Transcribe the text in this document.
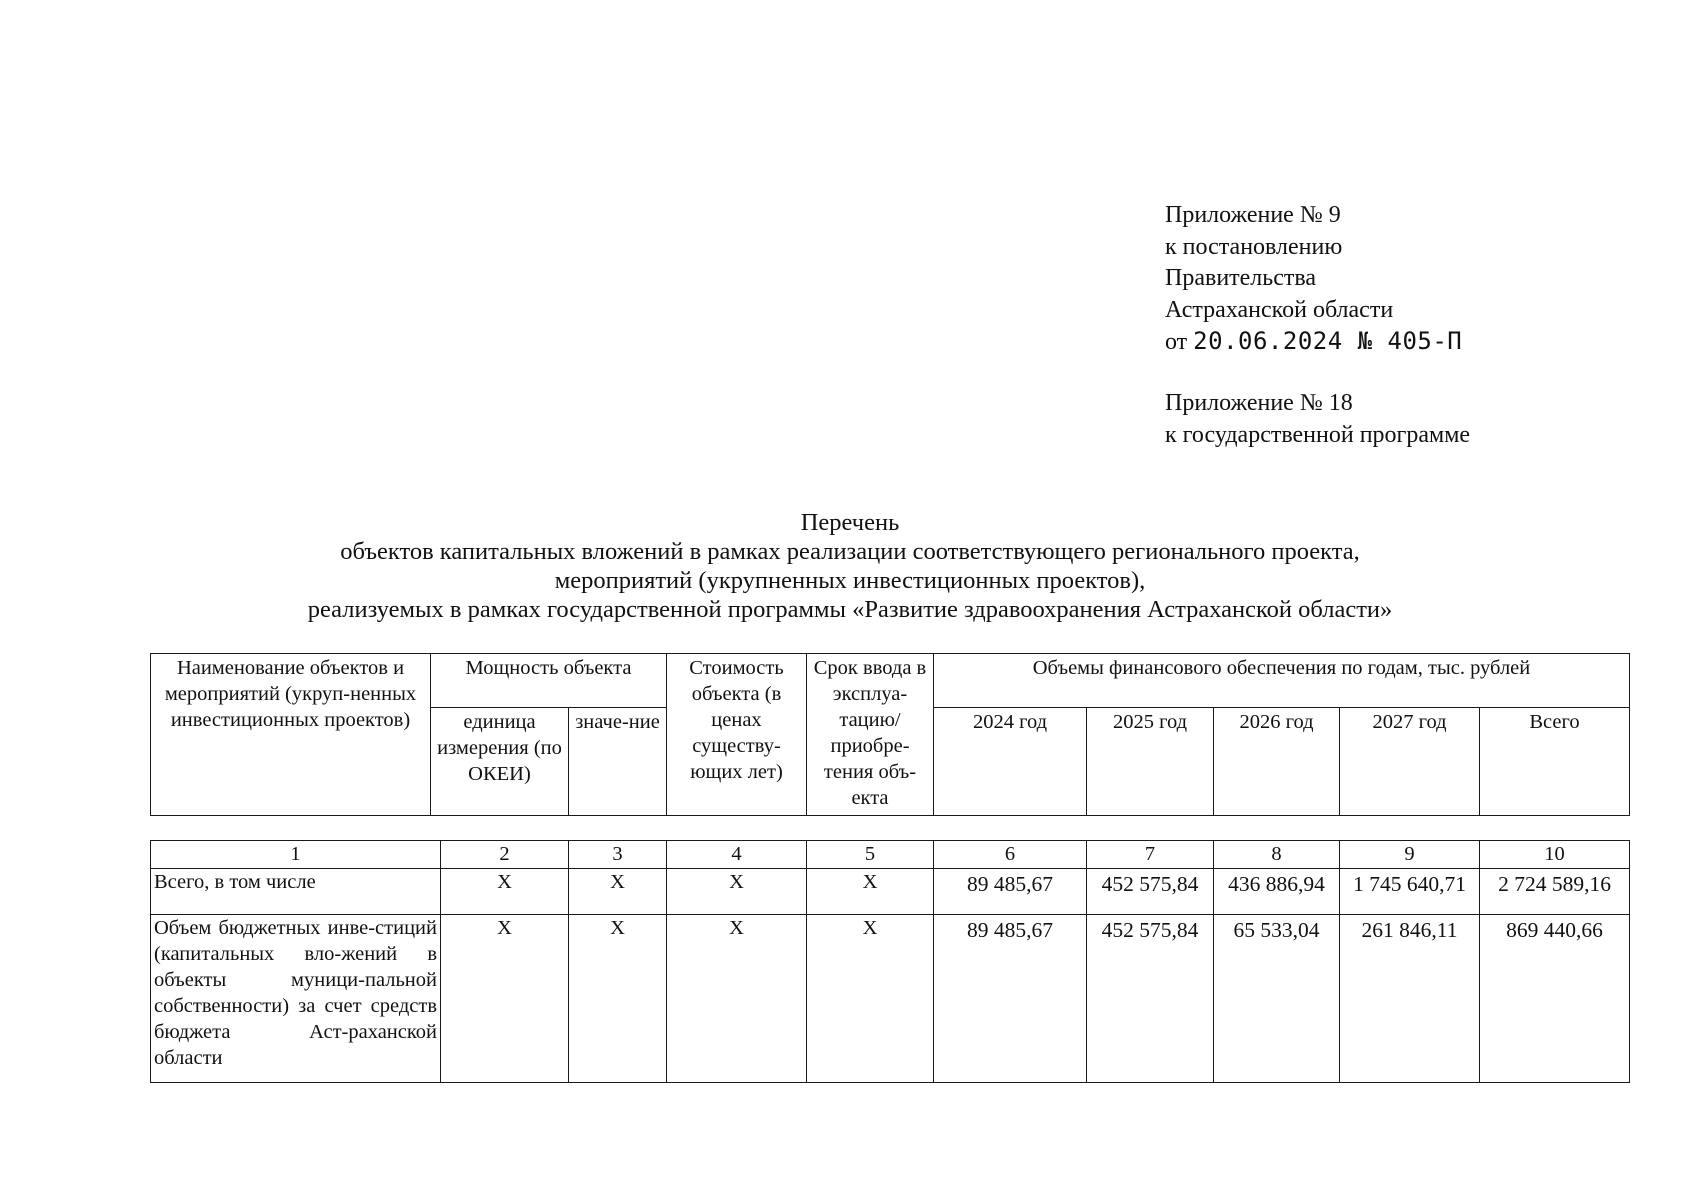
Приложение № 9
к постановлению
Правительства
Астраханской области
от 20.06.2024 № 405-П
Приложение № 18
к государственной программе
Перечень
объектов капитальных вложений в рамках реализации соответствующего регионального проекта,
мероприятий (укрупненных инвестиционных проектов),
реализуемых в рамках государственной программы «Развитие здравоохранения Астраханской области»
Наименование объектов и мероприятий (укруп-ненных инвестиционных проектов)	Мощность объекта		Стоимость объекта (в ценах существу-ющих лет)	Срок ввода в эксплуа-тацию/ приобре-тения объ-екта	Объемы финансового обеспечения по годам, тыс. рублей				
	единица измерения (по ОКЕИ)	значе-ние			2024 год	2025 год	2026 год	2027 год	Всего
1	2	3	4	5	6	7	8	9	10
Всего, в том числе	X	X	X	X	89 485,67	452 575,84	436 886,94	1 745 640,71	2 724 589,16
Объем бюджетных инве-стиций (капитальных вло-жений в объекты муници-пальной собственности) за счет средств бюджета Аст-раханской области	X	X	X	X	89 485,67	452 575,84	65 533,04	261 846,11	869 440,66
